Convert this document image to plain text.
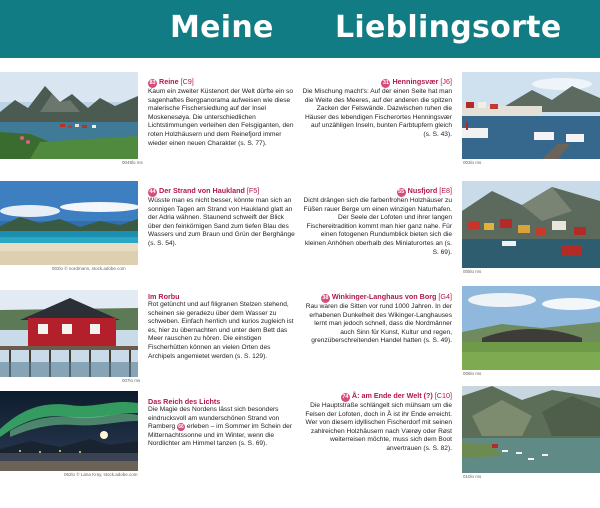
Meine Lieblingsorte
0048lo ms
83 Reine [C9]
Kaum ein zweiter Küstenort der Welt dürfte ein so sagenhaftes Bergpanorama aufweisen wie diese malerische Fischersiedlung auf der Insel Moskenesøya. Die unterschiedlichen Lichtstimmungen verleihen den Felsgiganten, den roten Holzhäusern und dem Reinefjord immer wieder einen neuen Charakter (s. S. 77).
002lo © nordmann, stock.adobe.com
44 Der Strand von Haukland [F5]
Wüsste man es nicht besser, könnte man sich an sonnigen Tagen am Strand von Haukland glatt an der Adria wähnen. Staunend schweift der Blick über den feinkörnigen Sand zum tiefen Blau des Wassers und zum Braun und Grün der Berghänge (s. S. 54).
007lo ms
Im Rorbu
Rot getüncht und auf filigranen Stelzen stehend, scheinen sie geradezu über dem Wasser zu schweben. Einfach herrlich und kurios zugleich ist es, hier zu übernachten und unter dem Bett das Meer rauschen zu hören. Die einstigen Fischerhütten können an vielen Orten des Archipels angemietet werden (s. S. 129).
062lo © Lana Kray, stock.adobe.com
Das Reich des Lichts
Die Magie des Nordens lässt sich besonders eindrucksvoll am wunderschönen Strand von Ramberg 66 erleben – im Sommer im Schein der Mitternachtssonne und im Winter, wenn die Nordlichter am Himmel tanzen (s. S. 69).
31 Henningsvær [J6]
Die Mischung macht's: Auf der einen Seite hat man die Weite des Meeres, auf der anderen die spitzen Zacken der Felswände. Dazwischen ruhen die Häuser des lebendigen Fischerortes Henningsvær auf unzähligen Inseln, bunten Farbtupfern gleich (s. S. 43).
003lo ms
55 Nusfjord [E8]
Dicht drängen sich die farbenfrohen Holzhäuser zu Füßen rauer Berge um einen winzigen Naturhafen. Der Seele der Lofoten und ihrer langen Fischereitradition kommt man hier ganz nahe. Für einen fotogenen Rundumblick bieten sich die kleinen Anhöhen oberhalb des Miniaturortes an (s. S. 69).
005lo ms
38 Winkinger-Langhaus von Borg [G4]
Rau waren die Sitten vor rund 1000 Jahren. In der erhabenen Dunkelheit des Wikinger-Langhauses lernt man jedoch schnell, dass die Nordmänner auch Sinn für Kunst, Kultur und regen, grenzüberschreitenden Handel hatten (s. S. 49).
006lo ms
74 Å: am Ende der Welt (?) [C10]
Die Hauptstraße schlängelt sich mühsam um die Felsen der Lofoten, doch in Å ist ihr Ende erreicht. Wer von diesem idyllischen Fischerdorf mit seinen zahlreichen Holzhäusern nach Værøy oder Røst weiterreisen möchte, muss sich dem Boot anvertrauen (s. S. 82).
010lo ms
